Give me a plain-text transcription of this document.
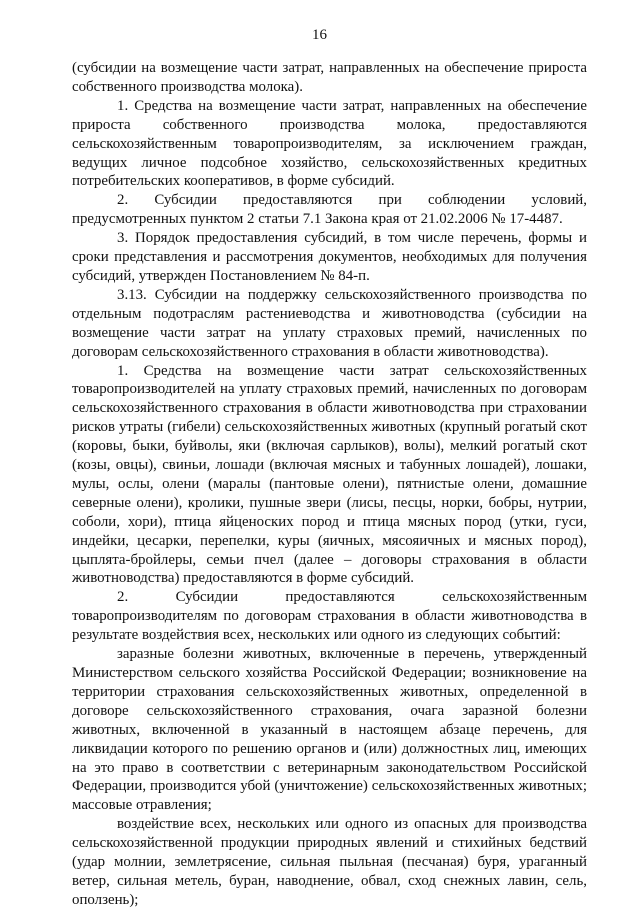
16

(субсидии на возмещение части затрат, направленных на обеспечение прироста собственного производства молока).

1. Средства на возмещение части затрат, направленных на обеспечение прироста собственного производства молока, предоставляются сельскохозяйственным товаропроизводителям, за исключением граждан, ведущих личное подсобное хозяйство, сельскохозяйственных кредитных потребительских кооперативов, в форме субсидий.

2. Субсидии предоставляются при соблюдении условий, предусмотренных пунктом 2 статьи 7.1 Закона края от 21.02.2006 № 17-4487.

3. Порядок предоставления субсидий, в том числе перечень, формы и сроки представления и рассмотрения документов, необходимых для получения субсидий, утвержден Постановлением № 84-п.

3.13. Субсидии на поддержку сельскохозяйственного производства по отдельным подотраслям растениеводства и животноводства (субсидии на возмещение части затрат на уплату страховых премий, начисленных по договорам сельскохозяйственного страхования в области животноводства).

1. Средства на возмещение части затрат сельскохозяйственных товаропроизводителей на уплату страховых премий, начисленных по договорам сельскохозяйственного страхования в области животноводства при страховании рисков утраты (гибели) сельскохозяйственных животных (крупный рогатый скот (коровы, быки, буйволы, яки (включая сарлыков), волы), мелкий рогатый скот (козы, овцы), свиньи, лошади (включая мясных и табунных лошадей), лошаки, мулы, ослы, олени (маралы (пантовые олени), пятнистые олени, домашние северные олени), кролики, пушные звери (лисы, песцы, норки, бобры, нутрии, соболи, хори), птица яйценоских пород и птица мясных пород (утки, гуси, индейки, цесарки, перепелки, куры (яичных, мясояичных и мясных пород), цыплята-бройлеры, семьи пчел (далее – договоры страхования в области животноводства) предоставляются в форме субсидий.

2. Субсидии предоставляются сельскохозяйственным товаропроизводителям по договорам страхования в области животноводства в результате воздействия всех, нескольких или одного из следующих событий:

заразные болезни животных, включенные в перечень, утвержденный Министерством сельского хозяйства Российской Федерации; возникновение на территории страхования сельскохозяйственных животных, определенной в договоре сельскохозяйственного страхования, очага заразной болезни животных, включенной в указанный в настоящем абзаце перечень, для ликвидации которого по решению органов и (или) должностных лиц, имеющих на это право в соответствии с ветеринарным законодательством Российской Федерации, производится убой (уничтожение) сельскохозяйственных животных; массовые отравления;

воздействие всех, нескольких или одного из опасных для производства сельскохозяйственной продукции природных явлений и стихийных бедствий (удар молнии, землетрясение, сильная пыльная (песчаная) буря, ураганный ветер, сильная метель, буран, наводнение, обвал, сход снежных лавин, сель, оползень);
